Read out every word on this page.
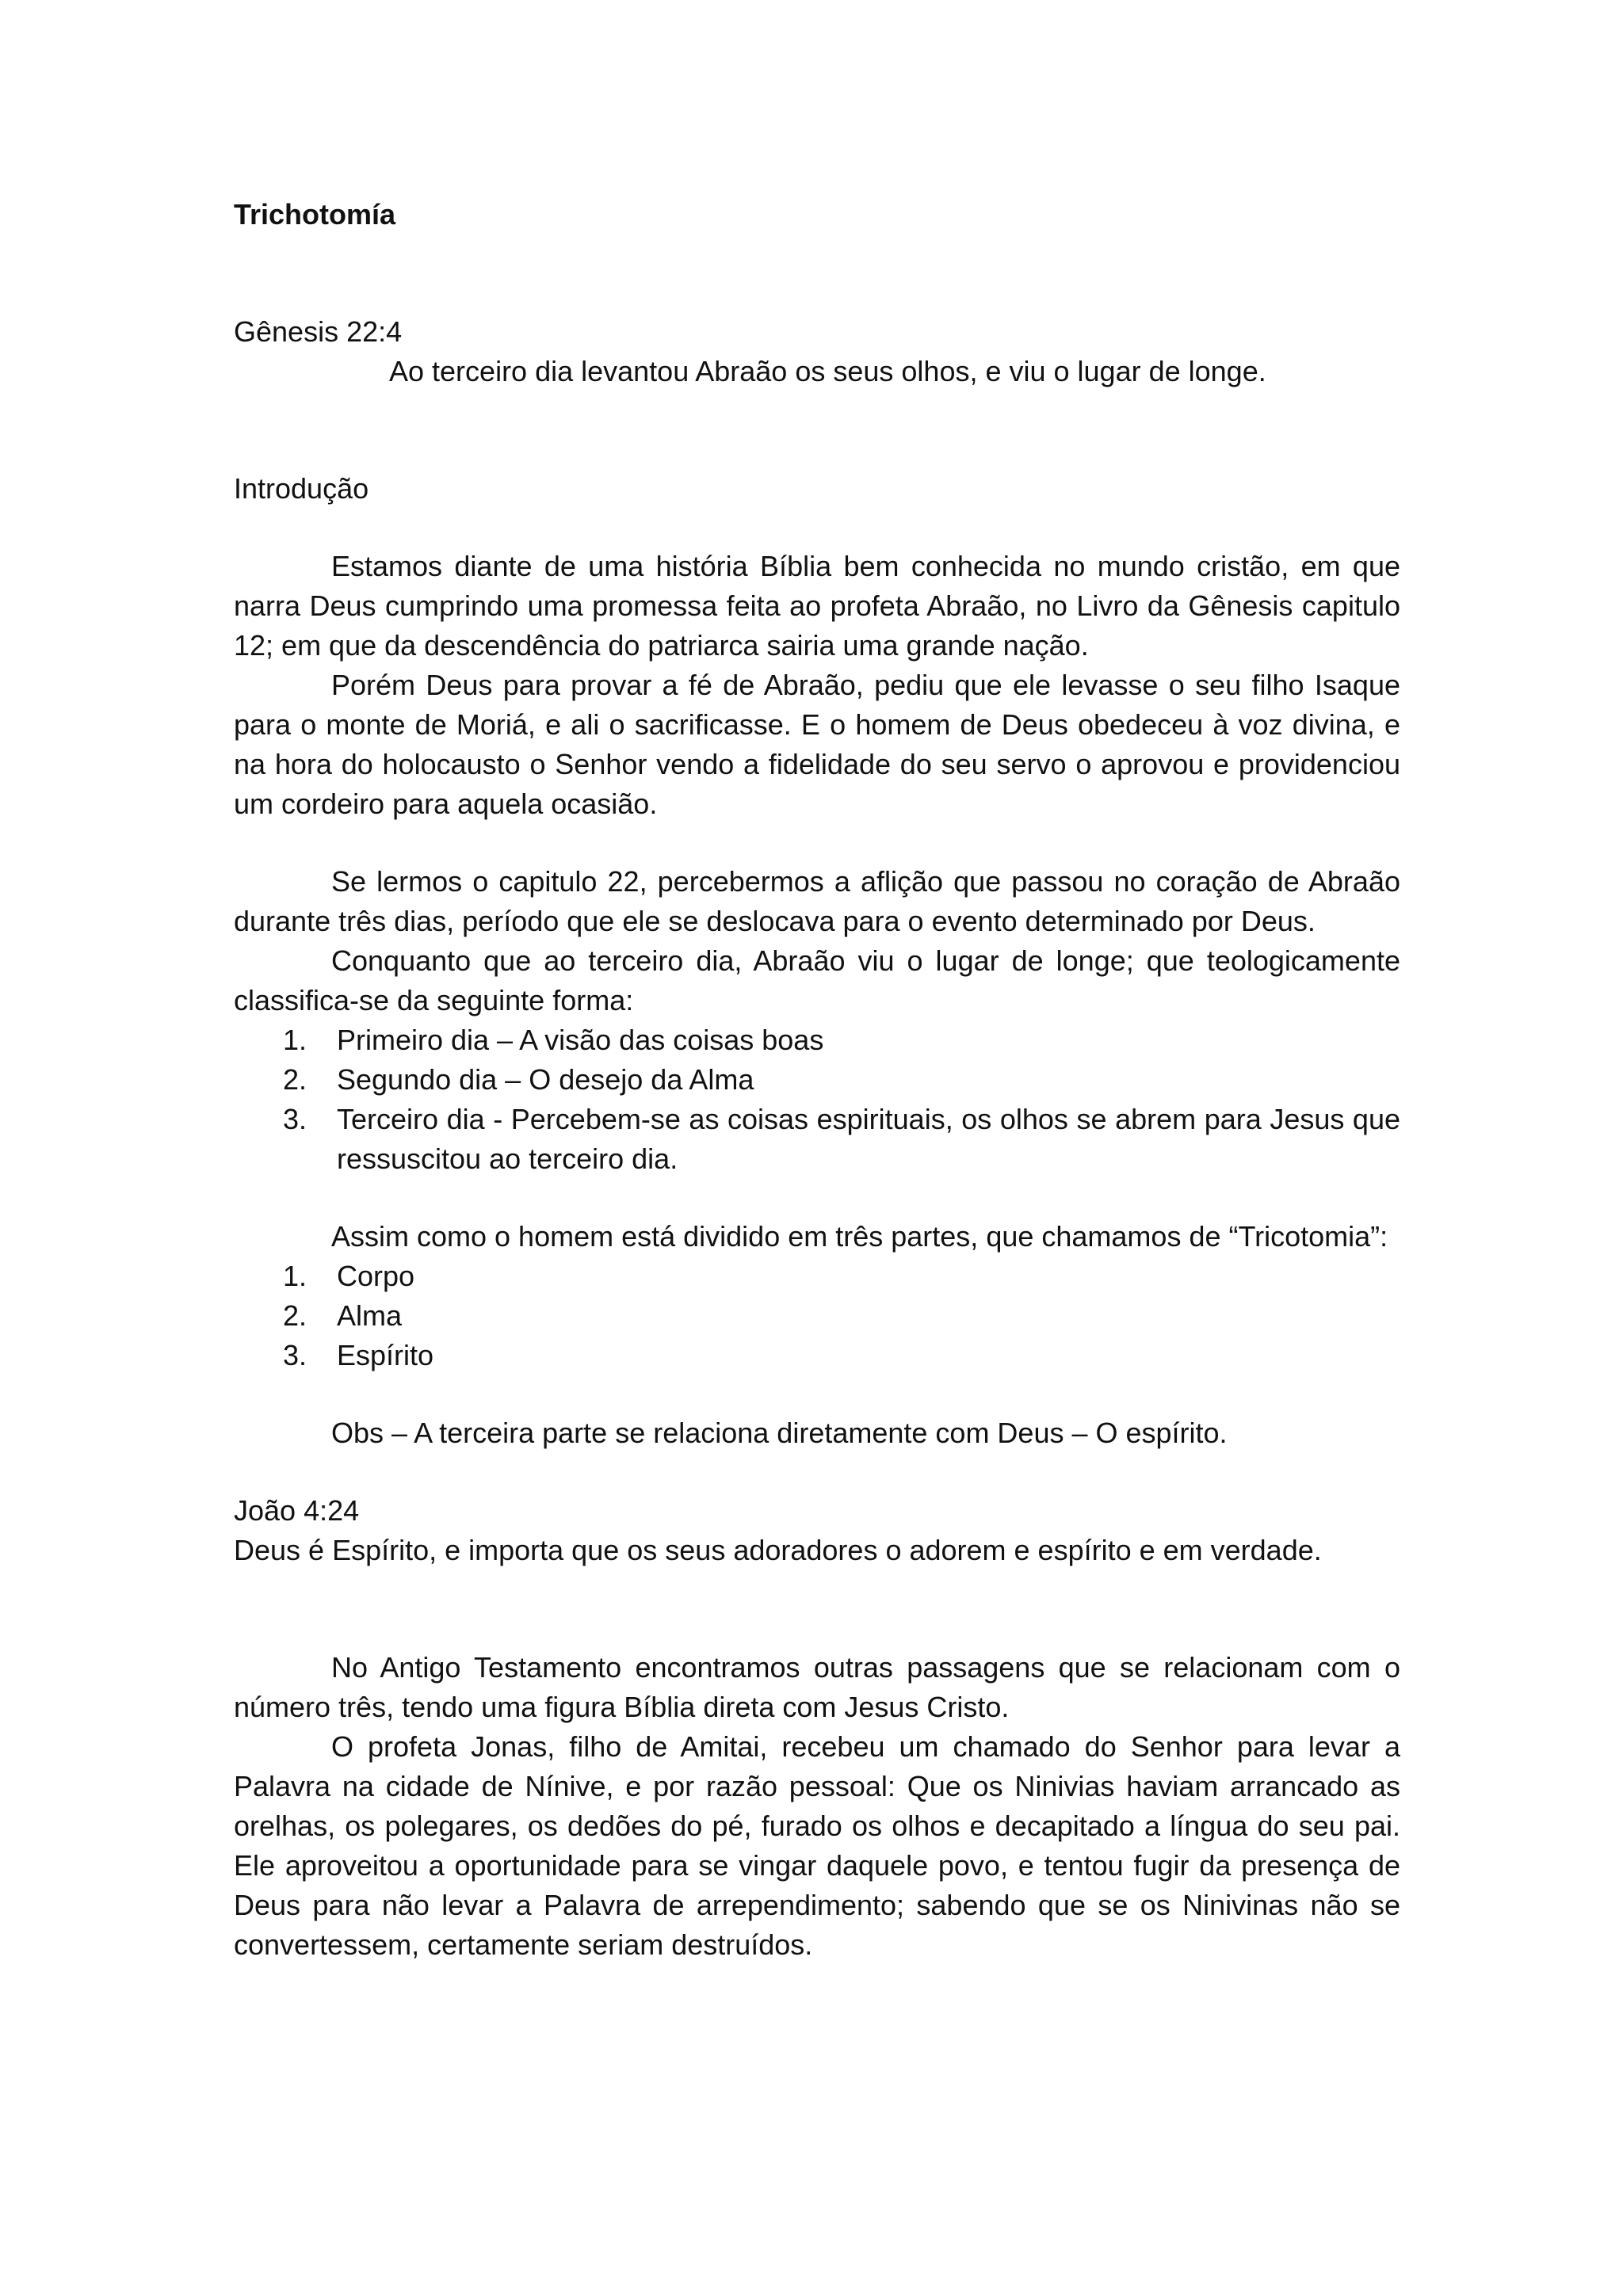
Trichotomía

Gênesis 22:4

Ao terceiro dia levantou Abraão os seus olhos, e viu o lugar de longe.

Introdução

Estamos diante de uma história Bíblia bem conhecida no mundo cristão, em que narra Deus cumprindo uma promessa feita ao profeta Abraão, no Livro da Gênesis capitulo 12; em que da descendência do patriarca sairia uma grande nação.

Porém Deus para provar a fé de Abraão, pediu que ele levasse o seu filho Isaque para o monte de Moriá, e ali o sacrificasse. E o homem de Deus obedeceu à voz divina, e na hora do holocausto o Senhor vendo a fidelidade do seu servo o aprovou e providenciou um cordeiro para aquela ocasião.

Se lermos o capitulo 22, percebermos a aflição que passou no coração de Abraão durante três dias, período que ele se deslocava para o evento determinado por Deus.

Conquanto que ao terceiro dia, Abraão viu o lugar de longe; que teologicamente classifica-se da seguinte forma:

1. Primeiro dia – A visão das coisas boas
2. Segundo dia – O desejo da Alma
3. Terceiro dia - Percebem-se as coisas espirituais, os olhos se abrem para Jesus que ressuscitou ao terceiro dia.

Assim como o homem está dividido em três partes, que chamamos de “Tricotomia”:

1. Corpo
2. Alma
3. Espírito

Obs – A terceira parte se relaciona diretamente com Deus – O espírito.

João 4:24

Deus é Espírito, e importa que os seus adoradores o adorem e espírito e em verdade.

No Antigo Testamento encontramos outras passagens que se relacionam com o número três, tendo uma figura Bíblia direta com Jesus Cristo.

O profeta Jonas, filho de Amitai, recebeu um chamado do Senhor para levar a Palavra na cidade de Nínive, e por razão pessoal: Que os Ninivias haviam arrancado as orelhas, os polegares, os dedões do pé, furado os olhos e decapitado a língua do seu pai. Ele aproveitou a oportunidade para se vingar daquele povo, e tentou fugir da presença de Deus para não levar a Palavra de arrependimento; sabendo que se os Ninivinas não se convertessem, certamente seriam destruídos.
